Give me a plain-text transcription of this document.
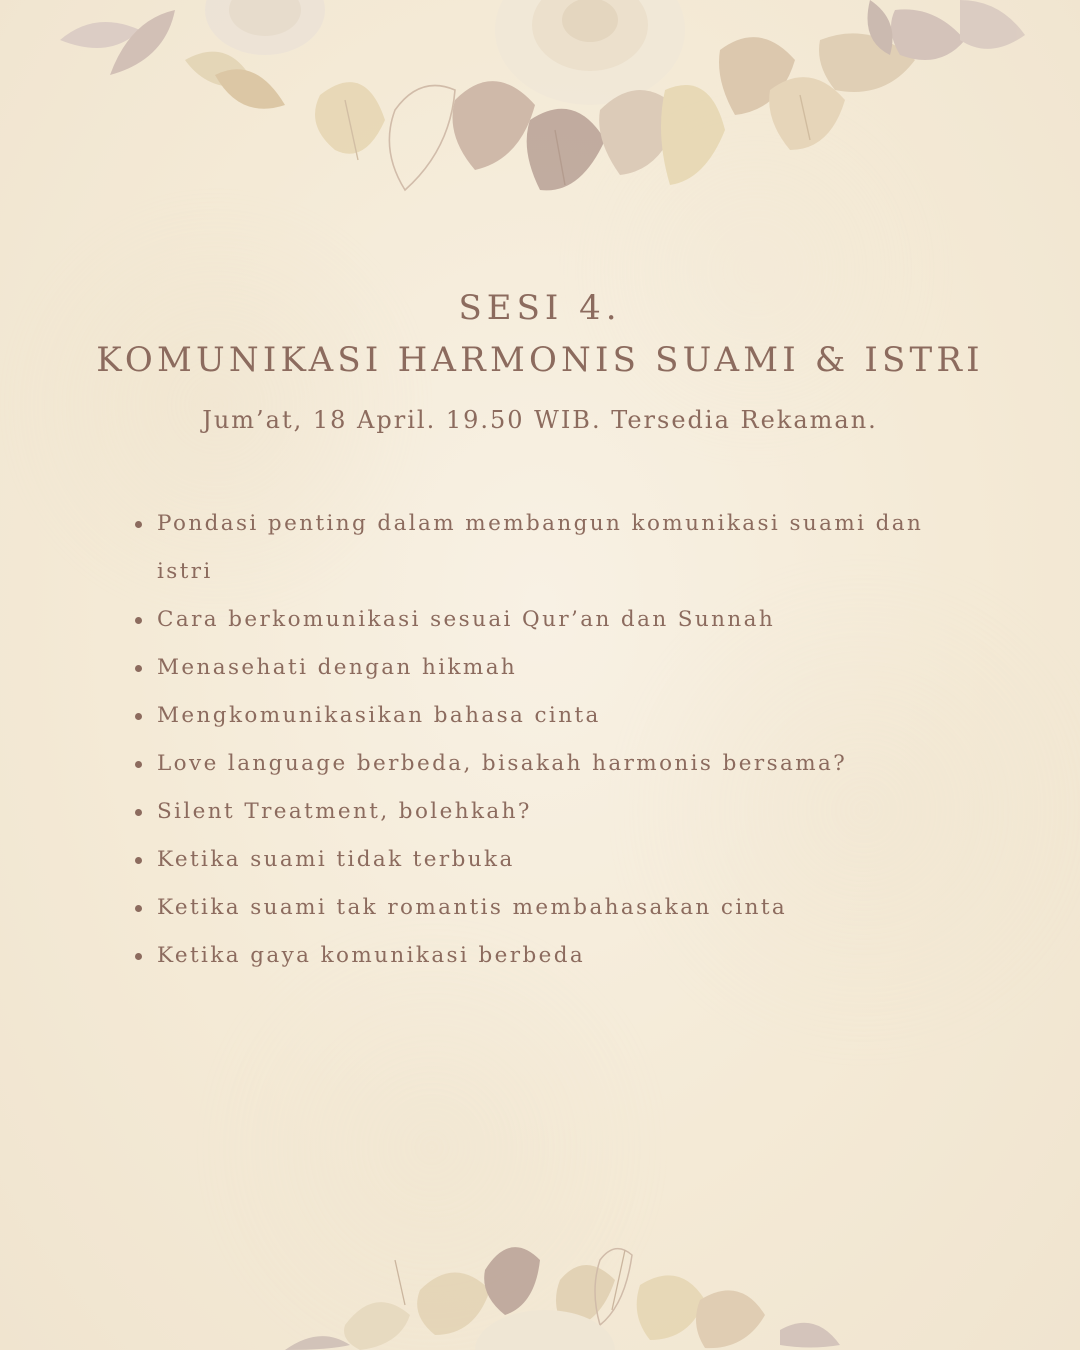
SESI 4.
KOMUNIKASI HARMONIS SUAMI & ISTRI
Jum’at, 18 April. 19.50 WIB. Tersedia Rekaman.
Pondasi penting dalam membangun komunikasi suami dan istri
Cara berkomunikasi sesuai Qur’an dan Sunnah
Menasehati dengan hikmah
Mengkomunikasikan bahasa cinta
Love language berbeda, bisakah harmonis bersama?
Silent Treatment, bolehkah?
Ketika suami tidak terbuka
Ketika suami tak romantis membahasakan cinta
Ketika gaya komunikasi berbeda
